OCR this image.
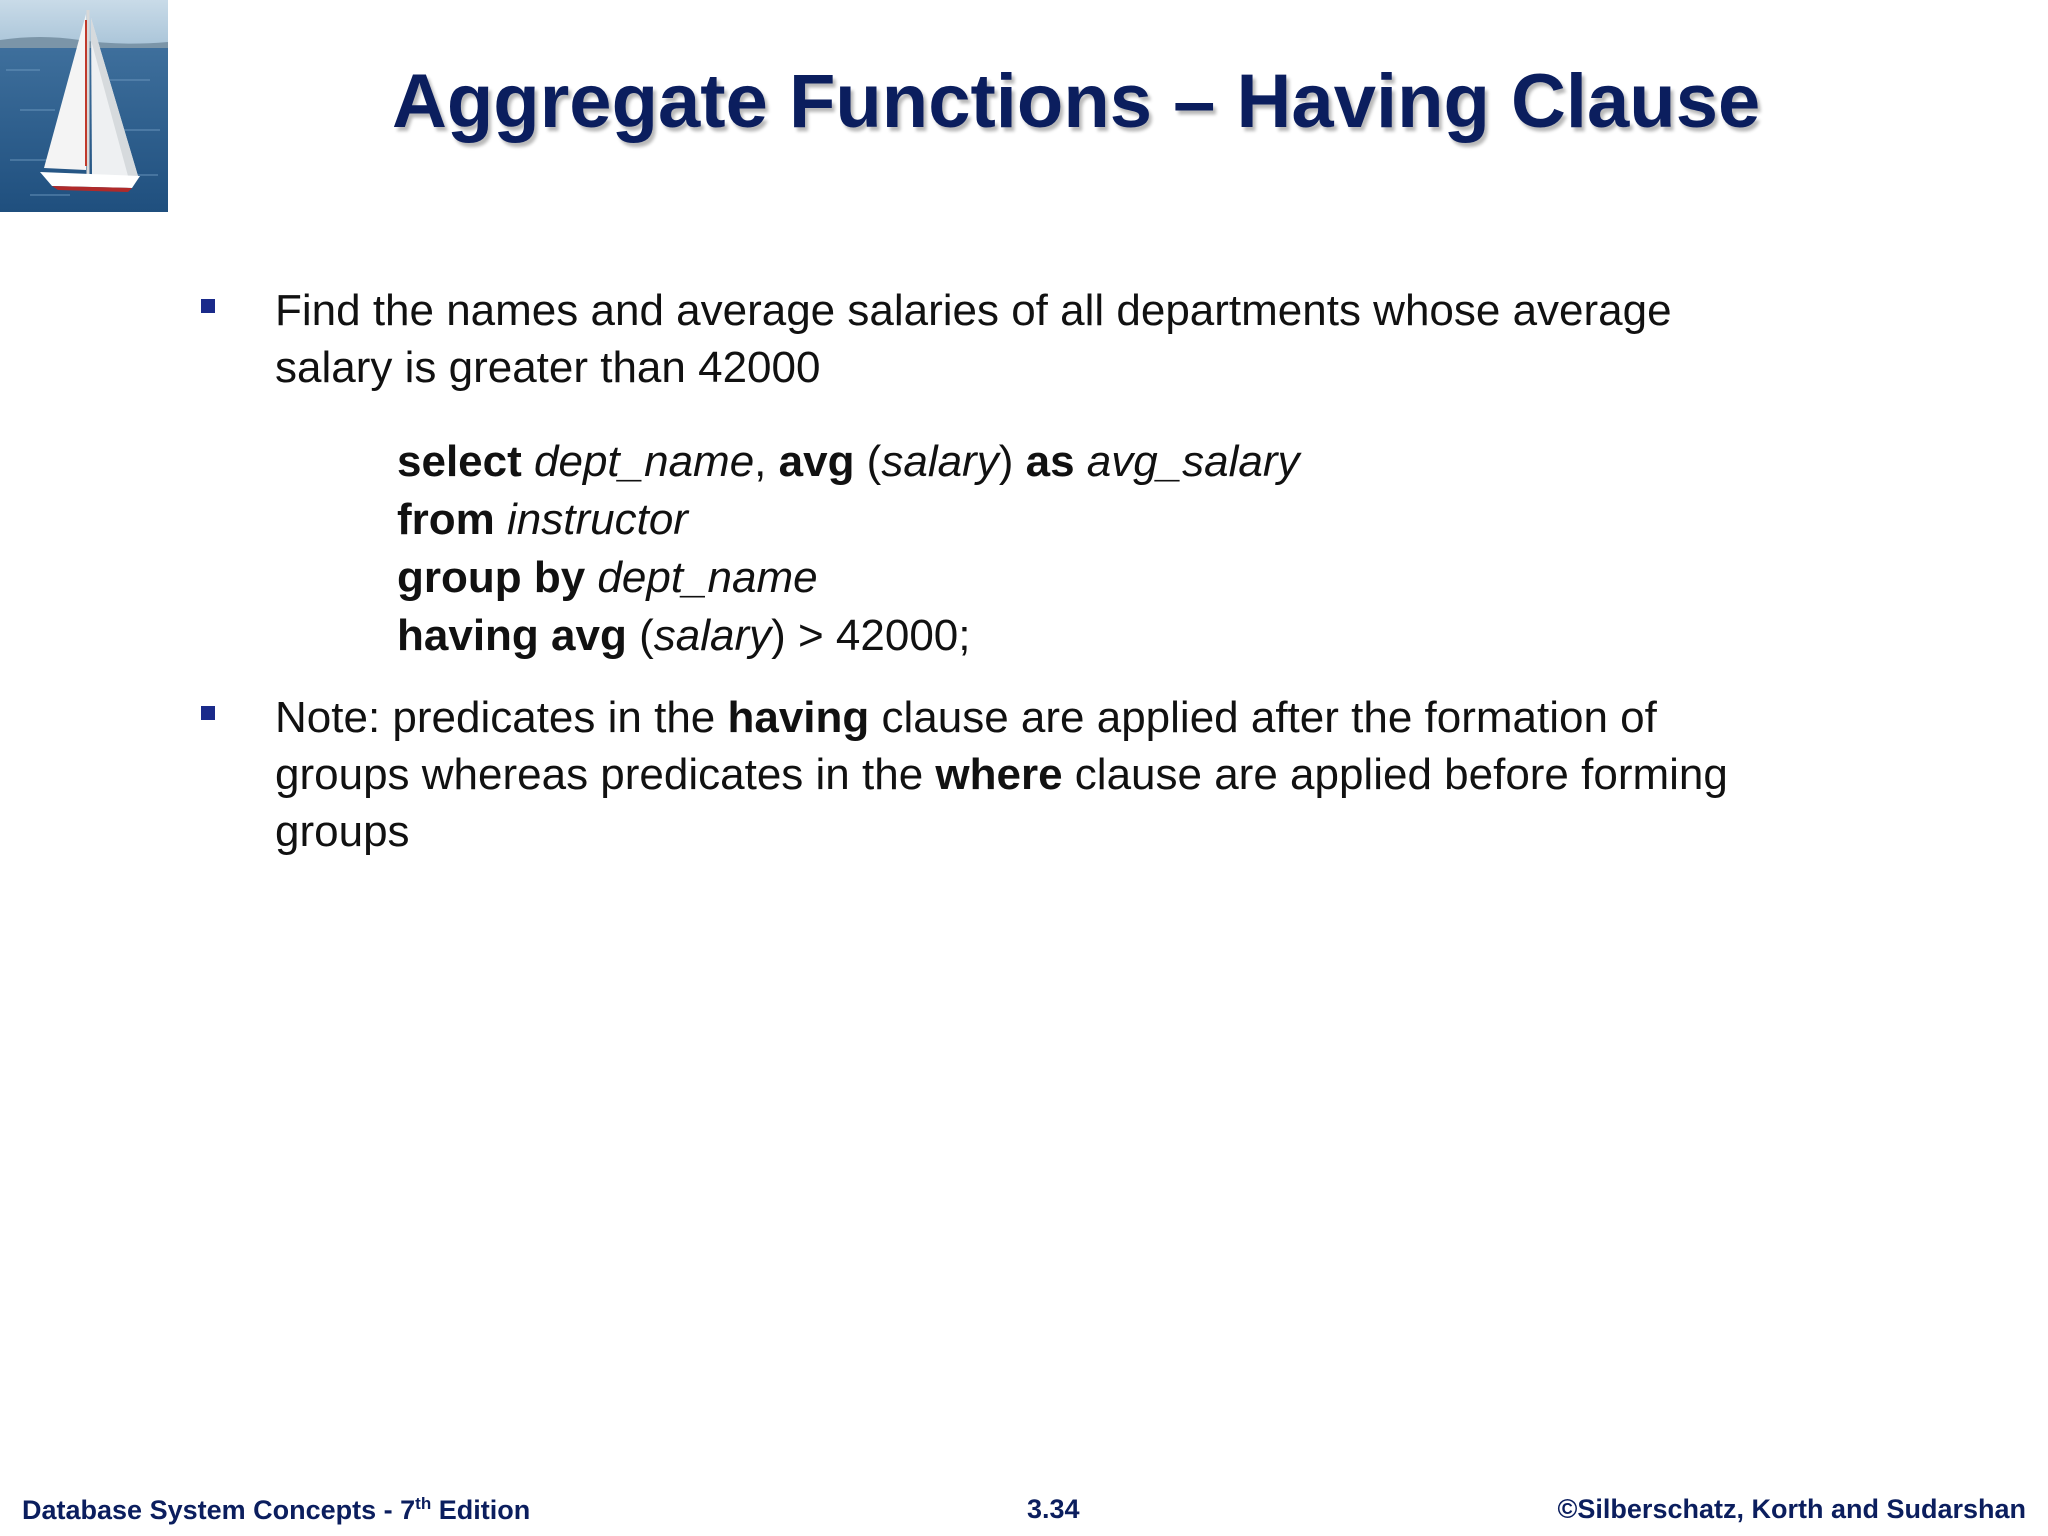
Aggregate Functions – Having Clause
Find the names and average salaries of all departments whose average
salary is greater than 42000
select dept_name, avg (salary) as avg_salary
from instructor
group by dept_name
having avg (salary) > 42000;
Note: predicates in the having clause are applied after the formation of
groups whereas predicates in the where clause are applied before forming
groups
Database System Concepts - 7th Edition	3.34	©Silberschatz, Korth and Sudarshan
